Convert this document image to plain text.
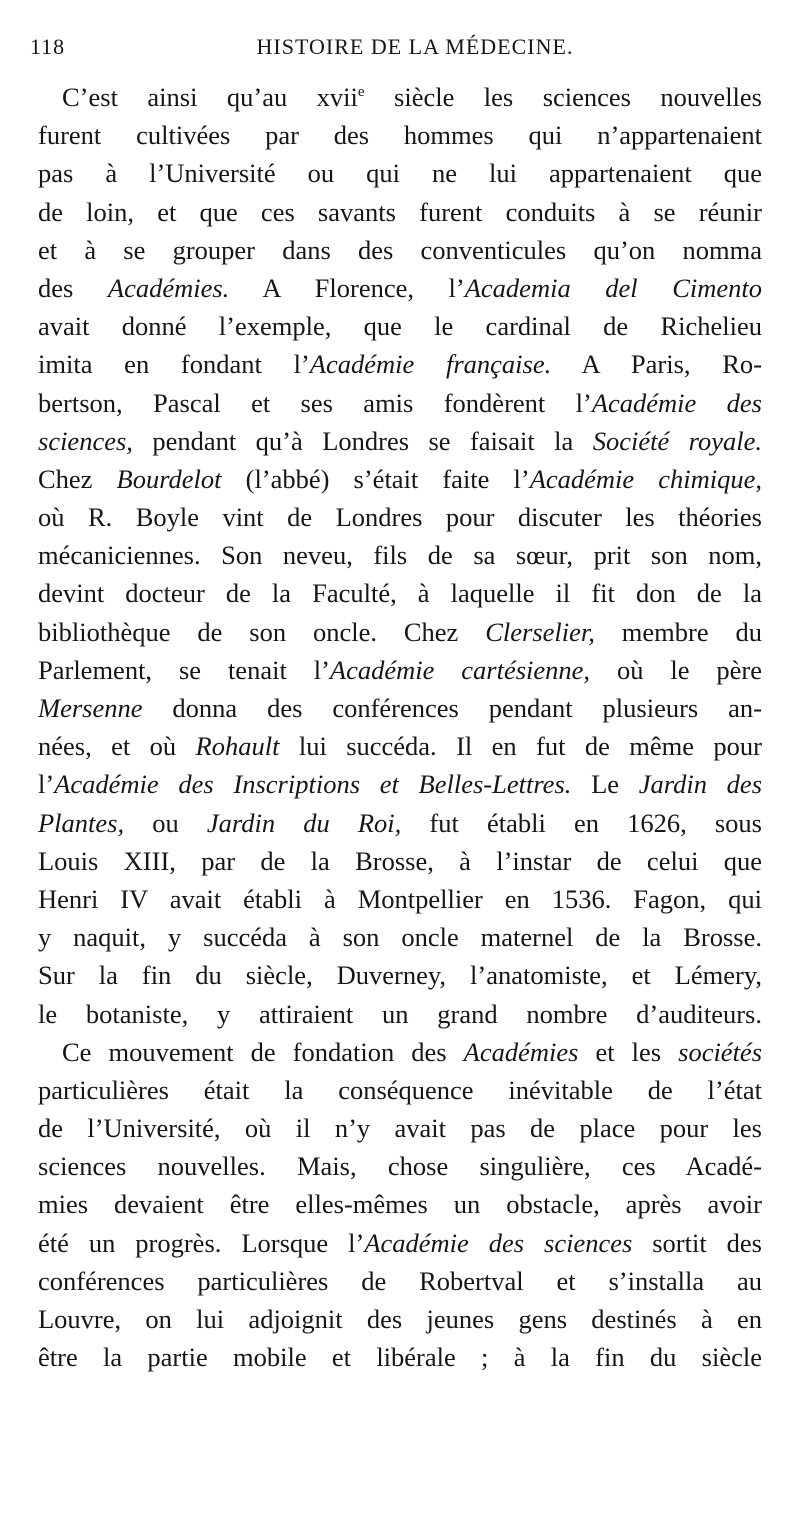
118	HISTOIRE DE LA MÉDECINE.
C’est ainsi qu’au xvii$^e$ siècle les sciences nouvelles
furent cultivées par des hommes qui n’appartenaient
pas à l’Université ou qui ne lui appartenaient que
de loin, et que ces savants furent conduits à se réunir
et à se grouper dans des conventicules qu’on nomma
des Académies. A Florence, l’Academia del Cimento
avait donné l’exemple, que le cardinal de Richelieu
imita en fondant l’Académie française. A Paris, Ro-
bertson, Pascal et ses amis fondèrent l’Académie des
sciences, pendant qu’à Londres se faisait la Société royale.
Chez Bourdelot (l’abbé) s’était faite l’Académie chimique,
où R. Boyle vint de Londres pour discuter les théories
mécaniciennes. Son neveu, fils de sa sœur, prit son nom,
devint docteur de la Faculté, à laquelle il fit don de la
bibliothèque de son oncle. Chez Clerselier, membre du
Parlement, se tenait l’Académie cartésienne, où le père
Mersenne donna des conférences pendant plusieurs an-
nées, et où Rohault lui succéda. Il en fut de même pour
l’Académie des Inscriptions et Belles-Lettres. Le Jardin des
Plantes, ou Jardin du Roi, fut établi en 1626, sous
Louis XIII, par de la Brosse, à l’instar de celui que
Henri IV avait établi à Montpellier en 1536. Fagon, qui
y naquit, y succéda à son oncle maternel de la Brosse.
Sur la fin du siècle, Duverney, l’anatomiste, et Lémery,
le botaniste, y attiraient un grand nombre d’auditeurs.
Ce mouvement de fondation des Académies et les sociétés
particulières était la conséquence inévitable de l’état
de l’Université, où il n’y avait pas de place pour les
sciences nouvelles. Mais, chose singulière, ces Acadé-
mies devaient être elles-mêmes un obstacle, après avoir
été un progrès. Lorsque l’Académie des sciences sortit des
conférences particulières de Robertval et s’installa au
Louvre, on lui adjoignit des jeunes gens destinés à en
être la partie mobile et libérale ; à la fin du siècle
